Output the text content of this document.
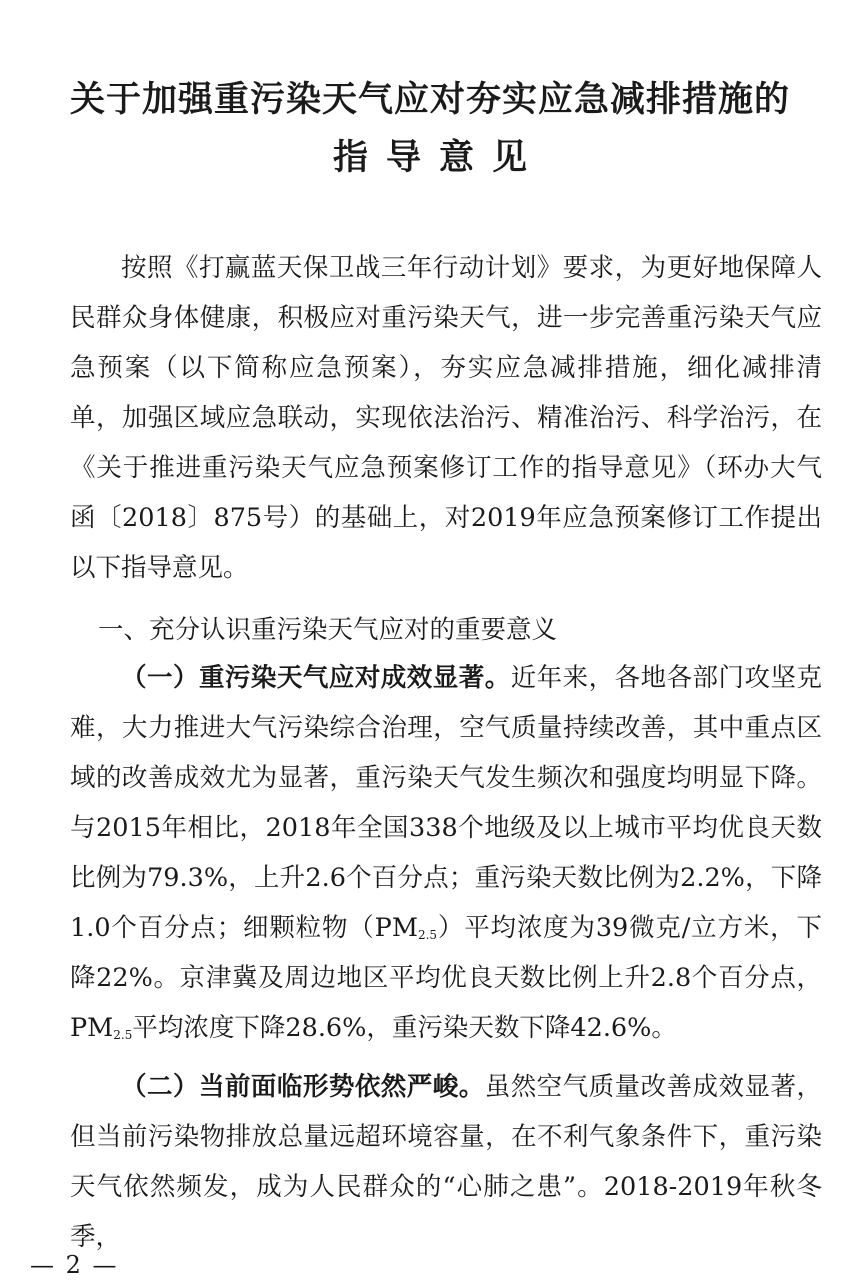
关于加强重污染天气应对夯实应急减排措施的
指导意见

按照《打赢蓝天保卫战三年行动计划》要求，为更好地保障人民群众身体健康，积极应对重污染天气，进一步完善重污染天气应急预案（以下简称应急预案），夯实应急减排措施，细化减排清单，加强区域应急联动，实现依法治污、精准治污、科学治污，在《关于推进重污染天气应急预案修订工作的指导意见》（环办大气函〔2018〕875号）的基础上，对2019年应急预案修订工作提出以下指导意见。

一、充分认识重污染天气应对的重要意义

（一）重污染天气应对成效显著。近年来，各地各部门攻坚克难，大力推进大气污染综合治理，空气质量持续改善，其中重点区域的改善成效尤为显著，重污染天气发生频次和强度均明显下降。与2015年相比，2018年全国338个地级及以上城市平均优良天数比例为79.3%，上升2.6个百分点；重污染天数比例为2.2%，下降1.0个百分点；细颗粒物$(PM_{2.5})$平均浓度为39微克/立方米，下降22%。京津冀及周边地区平均优良天数比例上升2.8个百分点，$PM_{2.5}$平均浓度下降28.6%，重污染天数下降42.6%。

（二）当前面临形势依然严峻。虽然空气质量改善成效显著，但当前污染物排放总量远超环境容量，在不利气象条件下，重污染天气依然频发，成为人民群众的“心肺之患”。2018-2019年秋冬季，

— 2 —
